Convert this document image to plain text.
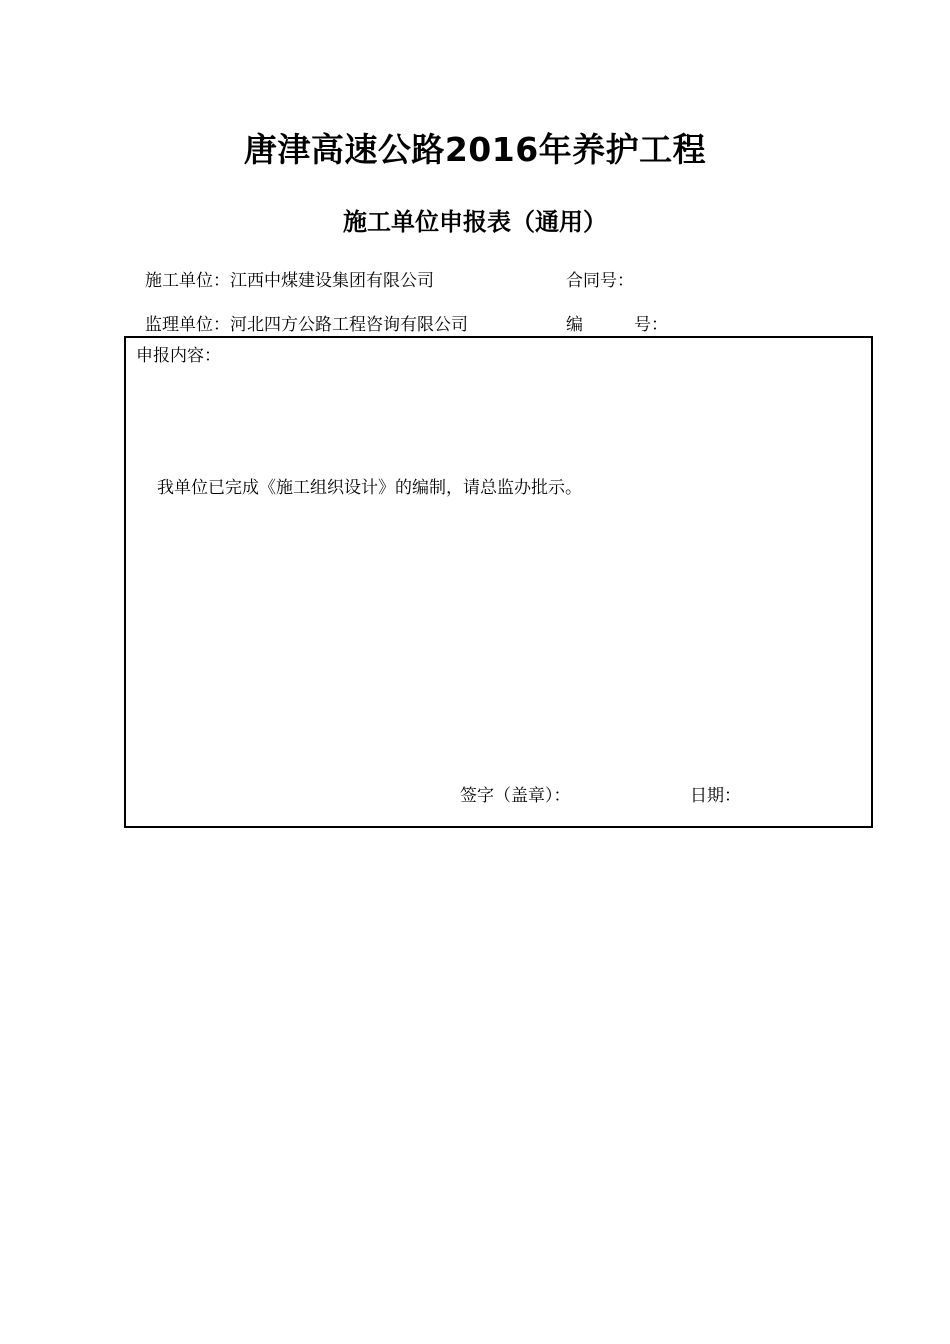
唐津高速公路2016年养护工程
施工单位申报表（通用）
施工单位：江西中煤建设集团有限公司	合同号：
监理单位：河北四方公路工程咨询有限公司	编	号：
申报内容：
我单位已完成《施工组织设计》的编制，请总监办批示。
签字（盖章）：	日期：
